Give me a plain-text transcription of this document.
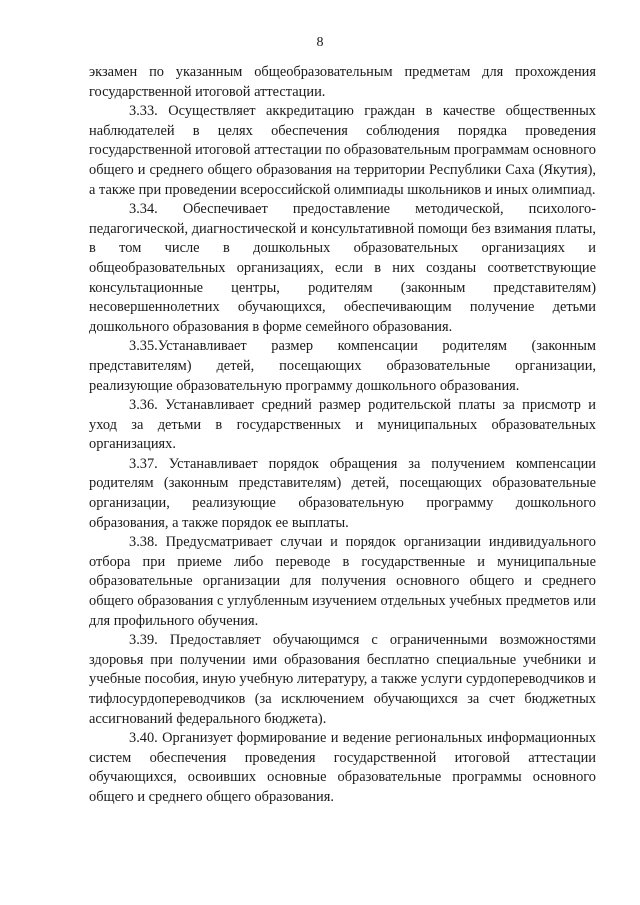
8

экзамен по указанным общеобразовательным предметам для прохождения государственной итоговой аттестации.

3.33. Осуществляет аккредитацию граждан в качестве общественных наблюдателей в целях обеспечения соблюдения порядка проведения государственной итоговой аттестации по образовательным программам основного общего и среднего общего образования на территории Республики Саха (Якутия), а также при проведении всероссийской олимпиады школьников и иных олимпиад.

3.34. Обеспечивает предоставление методической, психолого-педагогической, диагностической и консультативной помощи без взимания платы, в том числе в дошкольных образовательных организациях и общеобразовательных организациях, если в них созданы соответствующие консультационные центры, родителям (законным представителям) несовершеннолетних обучающихся, обеспечивающим получение детьми дошкольного образования в форме семейного образования.

3.35.Устанавливает размер компенсации родителям (законным представителям) детей, посещающих образовательные организации, реализующие образовательную программу дошкольного образования.

3.36. Устанавливает средний размер родительской платы за присмотр и уход за детьми в государственных и муниципальных образовательных организациях.

3.37. Устанавливает порядок обращения за получением компенсации родителям (законным представителям) детей, посещающих образовательные организации, реализующие образовательную программу дошкольного образования, а также порядок ее выплаты.

3.38. Предусматривает случаи и порядок организации индивидуального отбора при приеме либо переводе в государственные и муниципальные образовательные организации для получения основного общего и среднего общего образования с углубленным изучением отдельных учебных предметов или для профильного обучения.

3.39. Предоставляет обучающимся с ограниченными возможностями здоровья при получении ими образования бесплатно специальные учебники и учебные пособия, иную учебную литературу, а также услуги сурдопереводчиков и тифлосурдопереводчиков (за исключением обучающихся за счет бюджетных ассигнований федерального бюджета).

3.40. Организует формирование и ведение региональных информационных систем обеспечения проведения государственной итоговой аттестации обучающихся, освоивших основные образовательные программы основного общего и среднего общего образования.
